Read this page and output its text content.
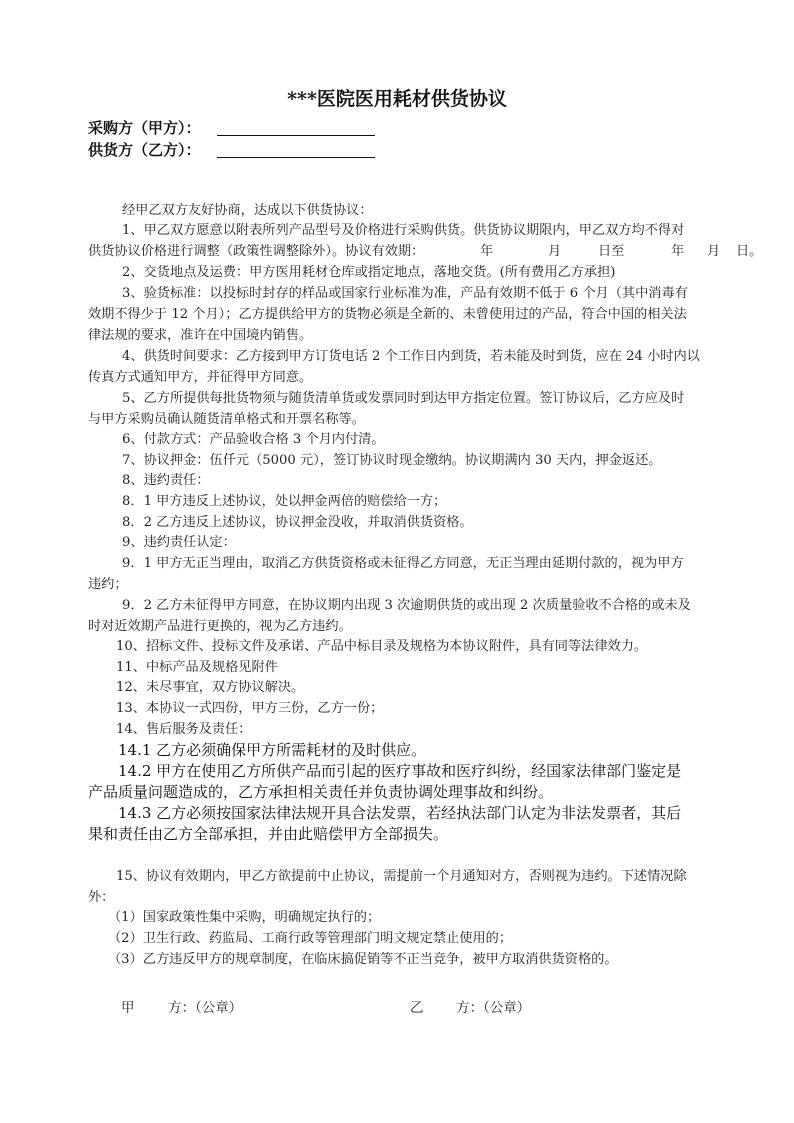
***医院医用耗材供货协议
采购方（甲方）：
供货方（乙方）：
经甲乙双方友好协商，达成以下供货协议：
1、甲乙双方愿意以附表所列产品型号及价格进行采购供货。供货协议期限内，甲乙双方均不得对
供货协议价格进行调整（政策性调整除外）。协议有效期：	年	月	日至	年 月 日。
2、交货地点及运费：甲方医用耗材仓库或指定地点，落地交货。(所有费用乙方承担)
3、验货标准：以投标时封存的样品或国家行业标准为准，产品有效期不低于 6 个月（其中消毒有
效期不得少于 12 个月）；乙方提供给甲方的货物必须是全新的、未曾使用过的产品，符合中国的相关法
律法规的要求，准许在中国境内销售。
4、供货时间要求：乙方接到甲方订货电话 2 个工作日内到货，若未能及时到货，应在 24 小时内以
传真方式通知甲方，并征得甲方同意。
5、乙方所提供每批货物须与随货清单货或发票同时到达甲方指定位置。签订协议后，乙方应及时
与甲方采购员确认随货清单格式和开票名称等。
6、付款方式：产品验收合格 3 个月内付清。
7、协议押金：伍仟元（5000 元），签订协议时现金缴纳。协议期满内 30 天内，押金返还。
8、违约责任：
8．1 甲方违反上述协议，处以押金两倍的赔偿给一方；
8．2 乙方违反上述协议，协议押金没收，并取消供货资格。
9、违约责任认定：
9．1 甲方无正当理由，取消乙方供货资格或未征得乙方同意，无正当理由延期付款的，视为甲方
违约；
9．2 乙方未征得甲方同意，在协议期内出现 3 次逾期供货的或出现 2 次质量验收不合格的或未及
时对近效期产品进行更换的，视为乙方违约。
10、招标文件、投标文件及承诺、产品中标目录及规格为本协议附件，具有同等法律效力。
11、中标产品及规格见附件
12、未尽事宜，双方协议解决。
13、本协议一式四份，甲方三份，乙方一份；
14、售后服务及责任：
14.1 乙方必须确保甲方所需耗材的及时供应。
14.2 甲方在使用乙方所供产品而引起的医疗事故和医疗纠纷，经国家法律部门鉴定是
产品质量问题造成的，乙方承担相关责任并负责协调处理事故和纠纷。
14.3 乙方必须按国家法律法规开具合法发票，若经执法部门认定为非法发票者，其后
果和责任由乙方全部承担，并由此赔偿甲方全部损失。
15、协议有效期内，甲乙方欲提前中止协议，需提前一个月通知对方，否则视为违约。下述情况除
外：
（1）国家政策性集中采购，明确规定执行的；
（2）卫生行政、药监局、工商行政等管理部门明文规定禁止使用的；
（3）乙方违反甲方的规章制度，在临床搞促销等不正当竞争，被甲方取消供货资格的。
甲 方：（公章）	乙 方：（公章）
